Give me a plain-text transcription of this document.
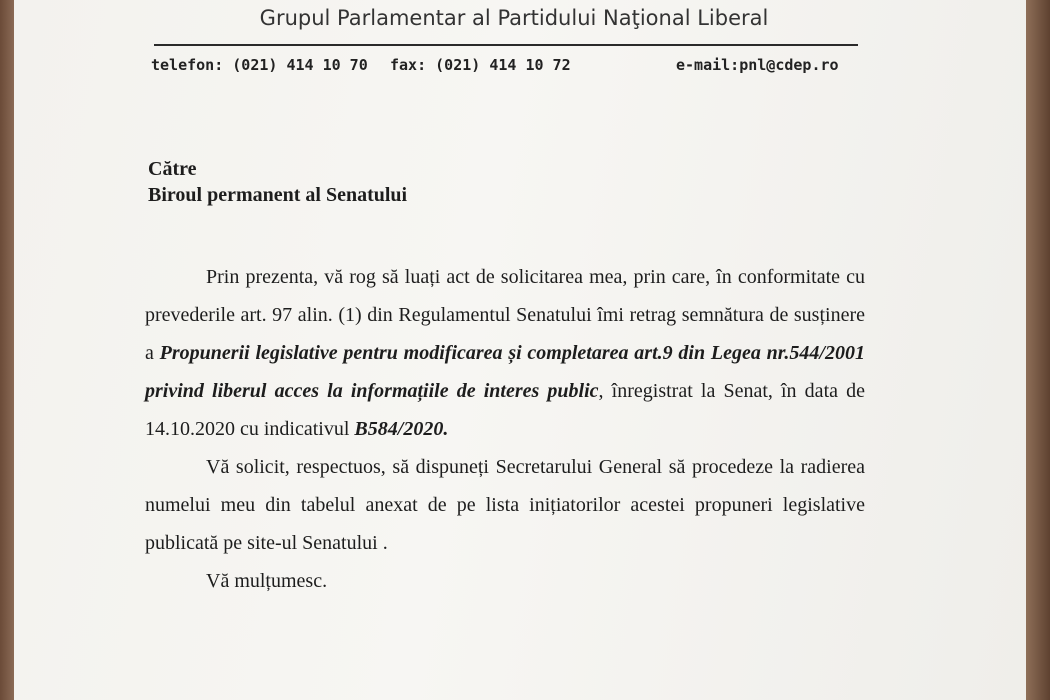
Grupul Parlamentar al Partidului Naţional Liberal
telefon: (021) 414 10 70 fax: (021) 414 10 72	e-mail:pnl@cdep.ro
Către
Biroul permanent al Senatului

Prin prezenta, vă rog să luați act de solicitarea mea, prin care, în conformitate cu prevederile art. 97 alin. (1) din Regulamentul Senatului îmi retrag semnătura de susținere a Propunerii legislative pentru modificarea și completarea art.9 din Legea nr.544/2001 privind liberul acces la informațiile de interes public, înregistrat la Senat, în data de 14.10.2020 cu indicativul B584/2020.

Vă solicit, respectuos, să dispuneți Secretarului General să procedeze la radierea numelui meu din tabelul anexat de pe lista inițiatorilor acestei propuneri legislative publicată pe site-ul Senatului .

Vă mulțumesc.
